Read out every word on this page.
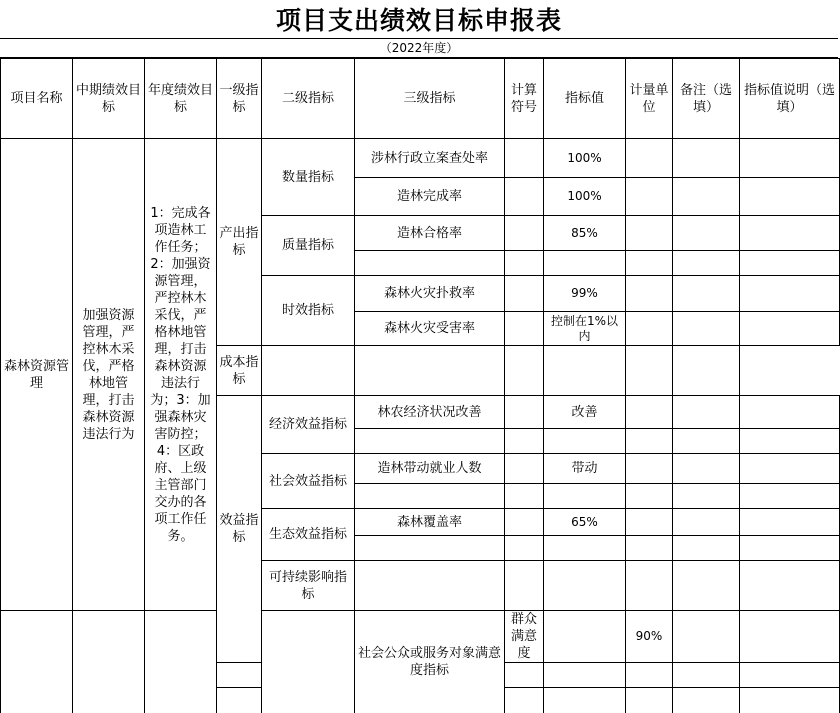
项目支出绩效目标申报表
（2022年度）
项目名称	中期绩效目标	年度绩效目标	一级指标	二级指标	三级指标	计算符号	指标值	计量单位	备注（选填）	指标值说明（选填）	
森林资源管理	加强资源管理，严控林木采伐，严格林地管理，打击森林资源违法行为	1：完成各项造林工作任务；2：加强资源管理，严控林木采伐，严格林地管理，打击森林资源违法行为；3：加强森林灾害防控；4：区政府、上级主管部门交办的各项工作任务。	产出指标	数量指标	涉林行政立案查处率		100%				
					造林完成率		100%				
				质量指标	造林合格率		85%				

				时效指标	森林火灾扑救率		99%				
					森林火灾受害率		控制在1%以内				
			成本指标								
			效益指标	经济效益指标	林农经济状况改善		改善				

				社会效益指标	造林带动就业人数		带动				

				生态效益指标	森林覆盖率		65%				

				可持续影响指标							
					社会公众或服务对象满意度指标	群众满意度		90%			
